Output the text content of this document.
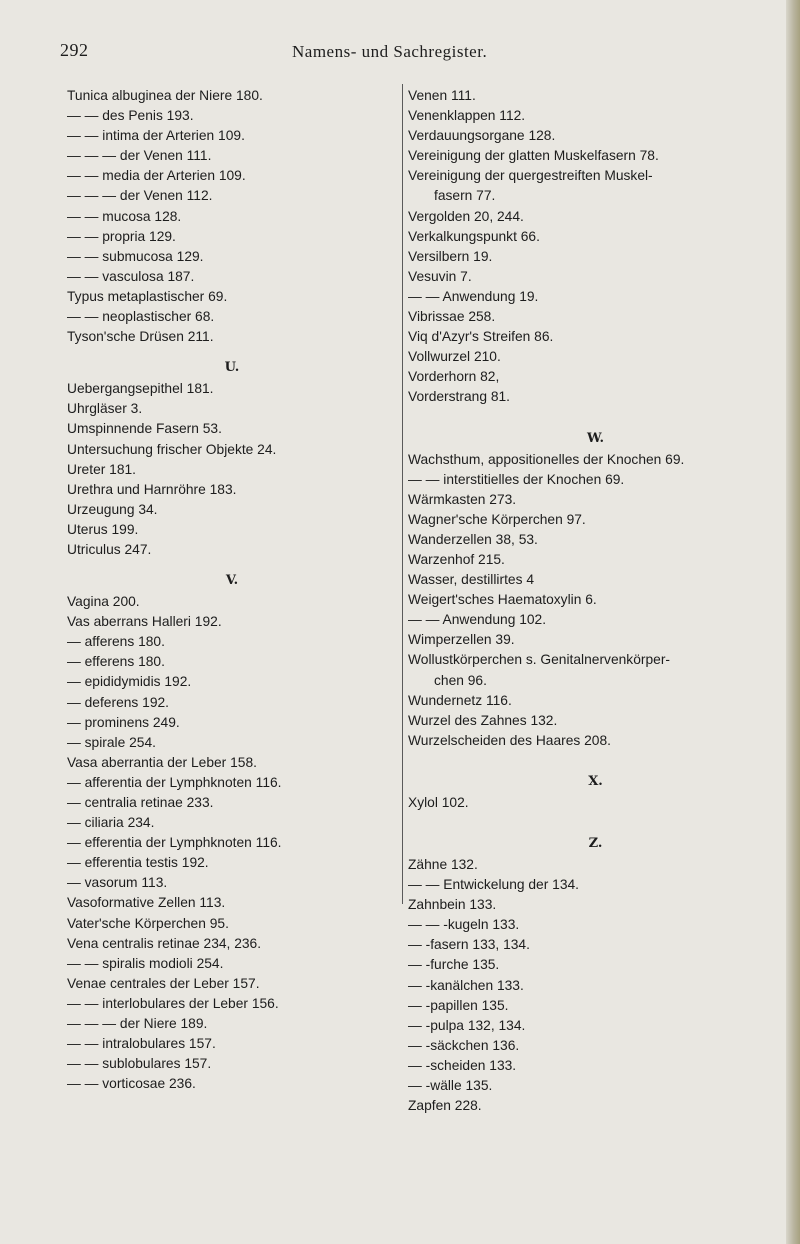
292	Namens- und Sachregister.
Tunica albuginea der Niere 180.
— — des Penis 193.
— — intima der Arterien 109.
— — — der Venen 111.
— — media der Arterien 109.
— — — der Venen 112.
— — mucosa 128.
— — propria 129.
— — submucosa 129.
— — vasculosa 187.
Typus metaplastischer 69.
— — neoplastischer 68.
Tyson'sche Drüsen 211.
U.
Uebergangsepithel 181.
Uhrgläser 3.
Umspinnende Fasern 53.
Untersuchung frischer Objekte 24.
Ureter 181.
Urethra und Harnröhre 183.
Urzeugung 34.
Uterus 199.
Utriculus 247.
V.
Vagina 200.
Vas aberrans Halleri 192.
— afferens 180.
— efferens 180.
— epididymidis 192.
— deferens 192.
— prominens 249.
— spirale 254.
Vasa aberrantia der Leber 158.
— afferentia der Lymphknoten 116.
— centralia retinae 233.
— ciliaria 234.
— efferentia der Lymphknoten 116.
— efferentia testis 192.
— vasorum 113.
Vasoformative Zellen 113.
Vater'sche Körperchen 95.
Vena centralis retinae 234, 236.
— — spiralis modioli 254.
Venae centrales der Leber 157.
— — interlobulares der Leber 156.
— — — der Niere 189.
— — intralobulares 157.
— — sublobulares 157.
— — vorticosae 236.
Venen 111.
Venenklappen 112.
Verdauungsorgane 128.
Vereinigung der glatten Muskelfasern 78.
Vereinigung der quergestreiften Muskel-
fasern 77.
Vergolden 20, 244.
Verkalkungspunkt 66.
Versilbern 19.
Vesuvin 7.
— — Anwendung 19.
Vibrissae 258.
Viq d'Azyr's Streifen 86.
Vollwurzel 210.
Vorderhorn 82,
Vorderstrang 81.
W.
Wachsthum, appositionelles der Knochen 69.
— — interstitielles der Knochen 69.
Wärmkasten 273.
Wagner'sche Körperchen 97.
Wanderzellen 38, 53.
Warzenhof 215.
Wasser, destillirtes 4
Weigert'sches Haematoxylin 6.
— — Anwendung 102.
Wimperzellen 39.
Wollustkörperchen s. Genitalnervenkörper-
chen 96.
Wundernetz 116.
Wurzel des Zahnes 132.
Wurzelscheiden des Haares 208.
X.
Xylol 102.
Z.
Zähne 132.
— — Entwickelung der 134.
Zahnbein 133.
— — -kugeln 133.
— -fasern 133, 134.
— -furche 135.
— -kanälchen 133.
— -papillen 135.
— -pulpa 132, 134.
— -säckchen 136.
— -scheiden 133.
— -wälle 135.
Zapfen 228.
